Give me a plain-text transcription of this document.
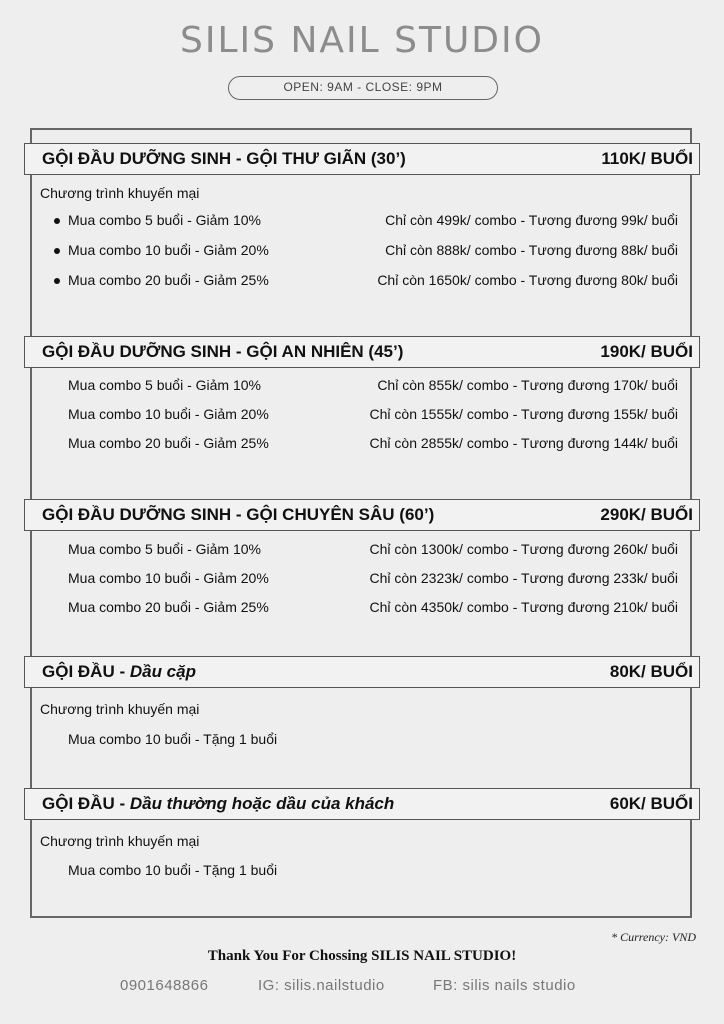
SILIS NAIL STUDIO
OPEN: 9AM - CLOSE: 9PM
GỘI ĐẦU DƯỠNG SINH - GỘI THƯ GIÃN (30’)	110K/ BUỔI
Chương trình khuyến mại
Mua combo 5 buổi - Giảm 10%	Chỉ còn 499k/ combo - Tương đương 99k/ buổi
Mua combo 10 buổi - Giảm 20%	Chỉ còn 888k/ combo - Tương đương 88k/ buổi
Mua combo 20 buổi - Giảm 25%	Chỉ còn 1650k/ combo - Tương đương 80k/ buổi
GỘI ĐẦU DƯỠNG SINH - GỘI AN NHIÊN (45’)	190K/ BUỔI
Mua combo 5 buổi - Giảm 10%	Chỉ còn 855k/ combo - Tương đương 170k/ buổi
Mua combo 10 buổi - Giảm 20%	Chỉ còn 1555k/ combo - Tương đương 155k/ buổi
Mua combo 20 buổi - Giảm 25%	Chỉ còn 2855k/ combo - Tương đương 144k/ buổi
GỘI ĐẦU DƯỠNG SINH - GỘI CHUYÊN SÂU (60’)	290K/ BUỔI
Mua combo 5 buổi - Giảm 10%	Chỉ còn 1300k/ combo - Tương đương 260k/ buổi
Mua combo 10 buổi - Giảm 20%	Chỉ còn 2323k/ combo - Tương đương 233k/ buổi
Mua combo 20 buổi - Giảm 25%	Chỉ còn 4350k/ combo - Tương đương 210k/ buổi
GỘI ĐẦU - Dầu cặp	80K/ BUỔI
Chương trình khuyến mại
Mua combo 10 buổi - Tặng 1 buổi
GỘI ĐẦU - Dầu thường hoặc dầu của khách	60K/ BUỔI
Chương trình khuyến mại
Mua combo 10 buổi - Tặng 1 buổi
* Currency: VND
Thank You For Chossing SILIS NAIL STUDIO!
0901648866	IG: silis.nailstudio	FB: silis nails studio
